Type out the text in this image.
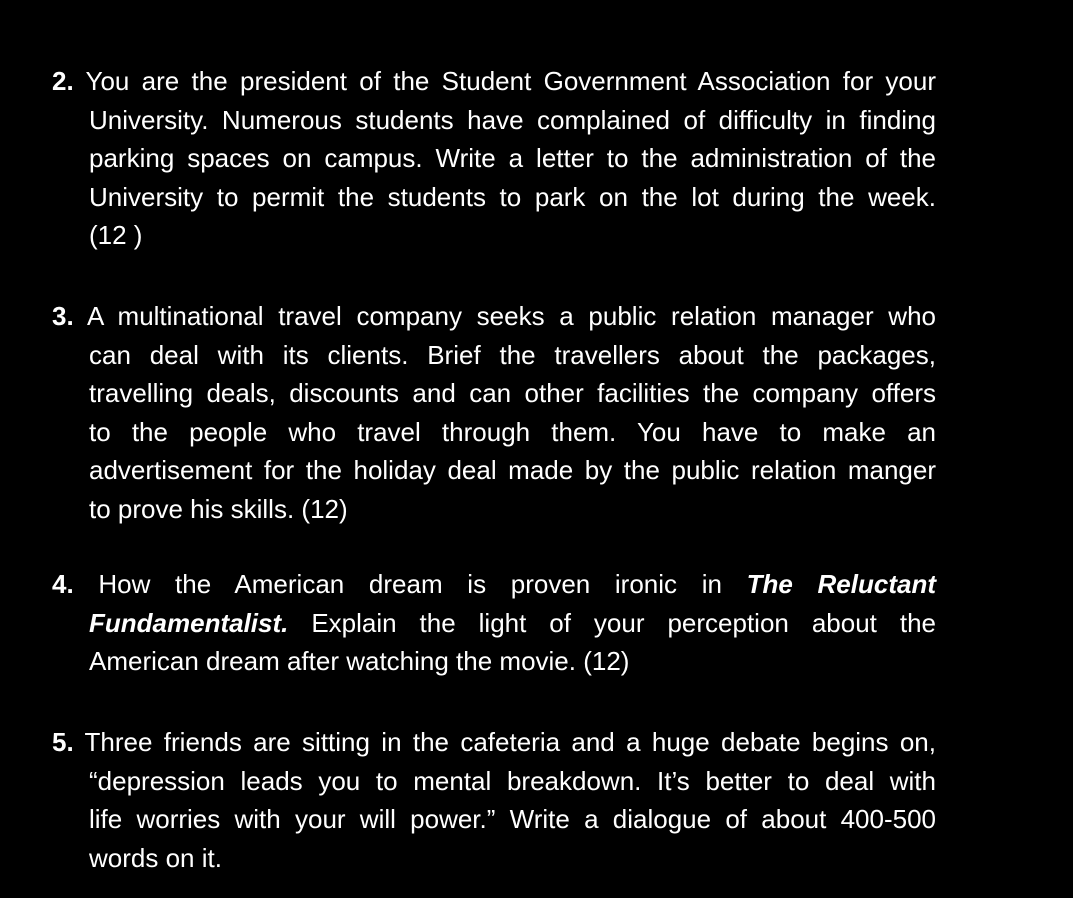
2. You are the president of the Student Government Association for your
University. Numerous students have complained of difficulty in finding
parking spaces on campus. Write a letter to the administration of the
University to permit the students to park on the lot during the week.
(12 )
3. A multinational travel company seeks a public relation manager who
can deal with its clients. Brief the travellers about the packages,
travelling deals, discounts and can other facilities the company offers
to the people who travel through them. You have to make an
advertisement for the holiday deal made by the public relation manger
to prove his skills. (12)
4. How the American dream is proven ironic in The Reluctant
Fundamentalist. Explain the light of your perception about the
American dream after watching the movie. (12)
5. Three friends are sitting in the cafeteria and a huge debate begins on,
“depression leads you to mental breakdown. It’s better to deal with
life worries with your will power.” Write a dialogue of about 400-500
words on it.
